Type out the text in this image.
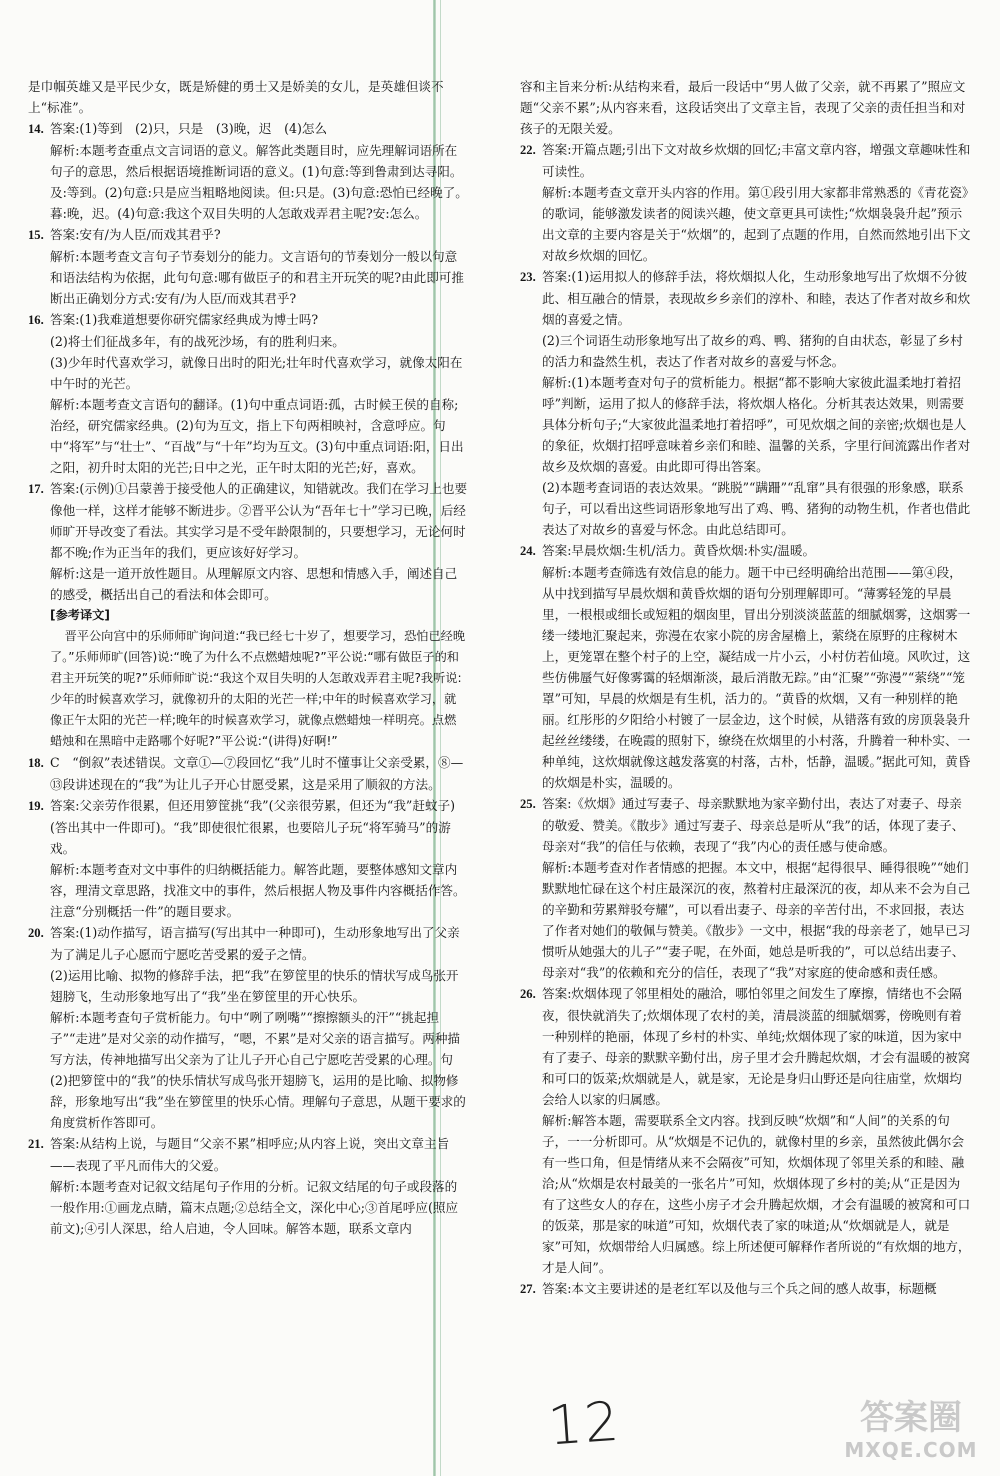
是巾帼英雄又是平民少女，既是矫健的勇士又是娇美的女儿，是英雄但谈不上“标准”。

14. 答案:(1)等到　(2)只，只是　(3)晚，迟　(4)怎么

解析:本题考查重点文言词语的意义。解答此类题目时，应先理解词语所在句子的意思，然后根据语境推断词语的意义。(1)句意:等到鲁肃到达寻阳。及:等到。(2)句意:只是应当粗略地阅读。但:只是。(3)句意:恐怕已经晚了。暮:晚，迟。(4)句意:我这个双目失明的人怎敢戏弄君主呢?安:怎么。

15. 答案:安有/为人臣/而戏其君乎?

解析:本题考查文言句子节奏划分的能力。文言语句的节奏划分一般以句意和语法结构为依据，此句句意:哪有做臣子的和君主开玩笑的呢?由此即可推断出正确划分方式:安有/为人臣/而戏其君乎?

16. 答案:(1)我难道想要你研究儒家经典成为博士吗?

(2)将士们征战多年，有的战死沙场，有的胜利归来。

(3)少年时代喜欢学习，就像日出时的阳光;壮年时代喜欢学习，就像太阳在中午时的光芒。

解析:本题考查文言语句的翻译。(1)句中重点词语:孤，古时候王侯的自称;治经，研究儒家经典。(2)句为互文，指上下句两相映衬，含意呼应。句中“将军”与“壮士”、“百战”与“十年”均为互文。(3)句中重点词语:阳，日出之阳，初升时太阳的光芒;日中之光，正午时太阳的光芒;好，喜欢。

17. 答案:(示例)①吕蒙善于接受他人的正确建议，知错就改。我们在学习上也要像他一样，这样才能够不断进步。②晋平公认为“吾年七十”学习已晚，后经师旷开导改变了看法。其实学习是不受年龄限制的，只要想学习，无论何时都不晚;作为正当年的我们，更应该好好学习。

解析:这是一道开放性题目。从理解原文内容、思想和情感入手，阐述自己的感受，概括出自己的看法和体会即可。

[参考译文]

晋平公向宫中的乐师师旷询问道:“我已经七十岁了，想要学习，恐怕已经晚了。”乐师师旷(回答)说:“晚了为什么不点燃蜡烛呢?”平公说:“哪有做臣子的和君主开玩笑的呢?”乐师师旷说:“我这个双目失明的人怎敢戏弄君主呢?我听说:少年的时候喜欢学习，就像初升的太阳的光芒一样;中年的时候喜欢学习，就像正午太阳的光芒一样;晚年的时候喜欢学习，就像点燃蜡烛一样明亮。点燃蜡烛和在黑暗中走路哪个好呢?”平公说:“(讲得)好啊!”

18. C　“倒叙”表述错误。文章①—⑦段回忆“我”儿时不懂事让父亲受累，⑧—⑬段讲述现在的“我”为让儿子开心甘愿受累，这是采用了顺叙的方法。

19. 答案:父亲劳作很累，但还用箩筐挑“我”(父亲很劳累，但还为“我”赶蚊子)(答出其中一件即可)。“我”即使很忙很累，也要陪儿子玩“将军骑马”的游戏。

解析:本题考查对文中事件的归纳概括能力。解答此题，要整体感知文章内容，理清文章思路，找准文中的事件，然后根据人物及事件内容概括作答。注意“分别概括一件”的题目要求。

20. 答案:(1)动作描写，语言描写(写出其中一种即可)，生动形象地写出了父亲为了满足儿子心愿而宁愿吃苦受累的爱子之情。

(2)运用比喻、拟物的修辞手法，把“我”在箩筐里的快乐的情状写成鸟张开翅膀飞，生动形象地写出了“我”坐在箩筐里的开心快乐。

解析:本题考查句子赏析能力。句中“咧了咧嘴”“擦擦额头的汗”“挑起担子”“走进”是对父亲的动作描写，“嗯，不累”是对父亲的语言描写。两种描写方法，传神地描写出父亲为了让儿子开心自己宁愿吃苦受累的心理。句(2)把箩筐中的“我”的快乐情状写成鸟张开翅膀飞，运用的是比喻、拟物修辞，形象地写出“我”坐在箩筐里的快乐心情。理解句子意思，从题干要求的角度赏析作答即可。

21. 答案:从结构上说，与题目“父亲不累”相呼应;从内容上说，突出文章主旨——表现了平凡而伟大的父爱。

解析:本题考查对记叙文结尾句子作用的分析。记叙文结尾的句子或段落的一般作用:①画龙点睛，篇末点题;②总结全文，深化中心;③首尾呼应(照应前文);④引人深思，给人启迪，令人回味。解答本题，联系文章内

容和主旨来分析:从结构来看，最后一段话中“男人做了父亲，就不再累了”照应文题“父亲不累”;从内容来看，这段话突出了文章主旨，表现了父亲的责任担当和对孩子的无限关爱。

22. 答案:开篇点题;引出下文对故乡炊烟的回忆;丰富文章内容，增强文章趣味性和可读性。

解析:本题考查文章开头内容的作用。第①段引用大家都非常熟悉的《青花瓷》的歌词，能够激发读者的阅读兴趣，使文章更具可读性;“炊烟袅袅升起”预示出文章的主要内容是关于“炊烟”的，起到了点题的作用，自然而然地引出下文对故乡炊烟的回忆。

23. 答案:(1)运用拟人的修辞手法，将炊烟拟人化，生动形象地写出了炊烟不分彼此、相互融合的情景，表现故乡乡亲们的淳朴、和睦，表达了作者对故乡和炊烟的喜爱之情。

(2)三个词语生动形象地写出了故乡的鸡、鸭、猪狗的自由状态，彰显了乡村的活力和盎然生机，表达了作者对故乡的喜爱与怀念。

解析:(1)本题考查对句子的赏析能力。根据“都不影响大家彼此温柔地打着招呼”判断，运用了拟人的修辞手法，将炊烟人格化。分析其表达效果，则需要具体分析句子;“大家彼此温柔地打着招呼”，可见炊烟之间的亲密;炊烟也是人的象征，炊烟打招呼意味着乡亲们和睦、温馨的关系，字里行间流露出作者对故乡及炊烟的喜爱。由此即可得出答案。

(2)本题考查词语的表达效果。“跳脱”“蹒跚”“乱窜”具有很强的形象感，联系句子，可以看出这些词语形象地写出了鸡、鸭、猪狗的动物生机，作者也借此表达了对故乡的喜爱与怀念。由此总结即可。

24. 答案:早晨炊烟:生机/活力。黄昏炊烟:朴实/温暖。

解析:本题考查筛选有效信息的能力。题干中已经明确给出范围——第④段，从中找到描写早晨炊烟和黄昏炊烟的语句分别理解即可。“薄雾轻笼的早晨里，一根根或细长或短粗的烟囱里，冒出分别淡淡蓝蓝的细腻烟雾，这烟雾一缕一缕地汇聚起来，弥漫在农家小院的房舍屋檐上，萦绕在原野的庄稼树木上，更笼罩在整个村子的上空，凝结成一片小云，小村仿若仙境。风吹过，这些仿佛蜃气好像雾霭的轻烟渐淡，最后消散无踪。”由“汇聚”“弥漫”“萦绕”“笼罩”可知，早晨的炊烟是有生机，活力的。“黄昏的炊烟，又有一种别样的艳丽。红彤彤的夕阳给小村镀了一层金边，这个时候，从错落有致的房顶袅袅升起丝丝缕缕，在晚霞的照射下，缭绕在炊烟里的小村落，升腾着一种朴实、一种单纯，这炊烟就像这越发落寞的村落，古朴，恬静，温暖。”据此可知，黄昏的炊烟是朴实，温暖的。

25. 答案:《炊烟》通过写妻子、母亲默默地为家辛勤付出，表达了对妻子、母亲的敬爱、赞美。《散步》通过写妻子、母亲总是听从“我”的话，体现了妻子、母亲对“我”的信任与依赖，表现了“我”内心的责任感与使命感。

解析:本题考查对作者情感的把握。本文中，根据“起得很早、睡得很晚”“她们默默地忙碌在这个村庄最深沉的夜，熬着村庄最深沉的夜，却从来不会为自己的辛勤和劳累辩驳夸耀”，可以看出妻子、母亲的辛苦付出，不求回报，表达了作者对她们的敬佩与赞美。《散步》一文中，根据“我的母亲老了，她早已习惯听从她强大的儿子”“妻子呢，在外面，她总是听我的”，可以总结出妻子、母亲对“我”的依赖和充分的信任，表现了“我”对家庭的使命感和责任感。

26. 答案:炊烟体现了邻里相处的融洽，哪怕邻里之间发生了摩擦，情绪也不会隔夜，很快就消失了;炊烟体现了农村的美，清晨淡蓝的细腻烟雾，傍晚则有着一种别样的艳丽，体现了乡村的朴实、单纯;炊烟体现了家的味道，因为家中有了妻子、母亲的默默辛勤付出，房子里才会升腾起炊烟，才会有温暖的被窝和可口的饭菜;炊烟就是人，就是家，无论是身归山野还是向往庙堂，炊烟均会给人以家的归属感。

解析:解答本题，需要联系全文内容。找到反映“炊烟”和“人间”的关系的句子，一一分析即可。从“炊烟是不记仇的，就像村里的乡亲，虽然彼此偶尔会有一些口角，但是情绪从来不会隔夜”可知，炊烟体现了邻里关系的和睦、融洽;从“炊烟是农村最美的一张名片”可知，炊烟体现了乡村的美;从“正是因为有了这些女人的存在，这些小房子才会升腾起炊烟，才会有温暖的被窝和可口的饭菜，那是家的味道”可知，炊烟代表了家的味道;从“炊烟就是人，就是家”可知，炊烟带给人归属感。综上所述便可解释作者所说的“有炊烟的地方，才是人间”。

27. 答案:本文主要讲述的是老红军以及他与三个兵之间的感人故事，标题概

12	答案圈
MXQE.COM
